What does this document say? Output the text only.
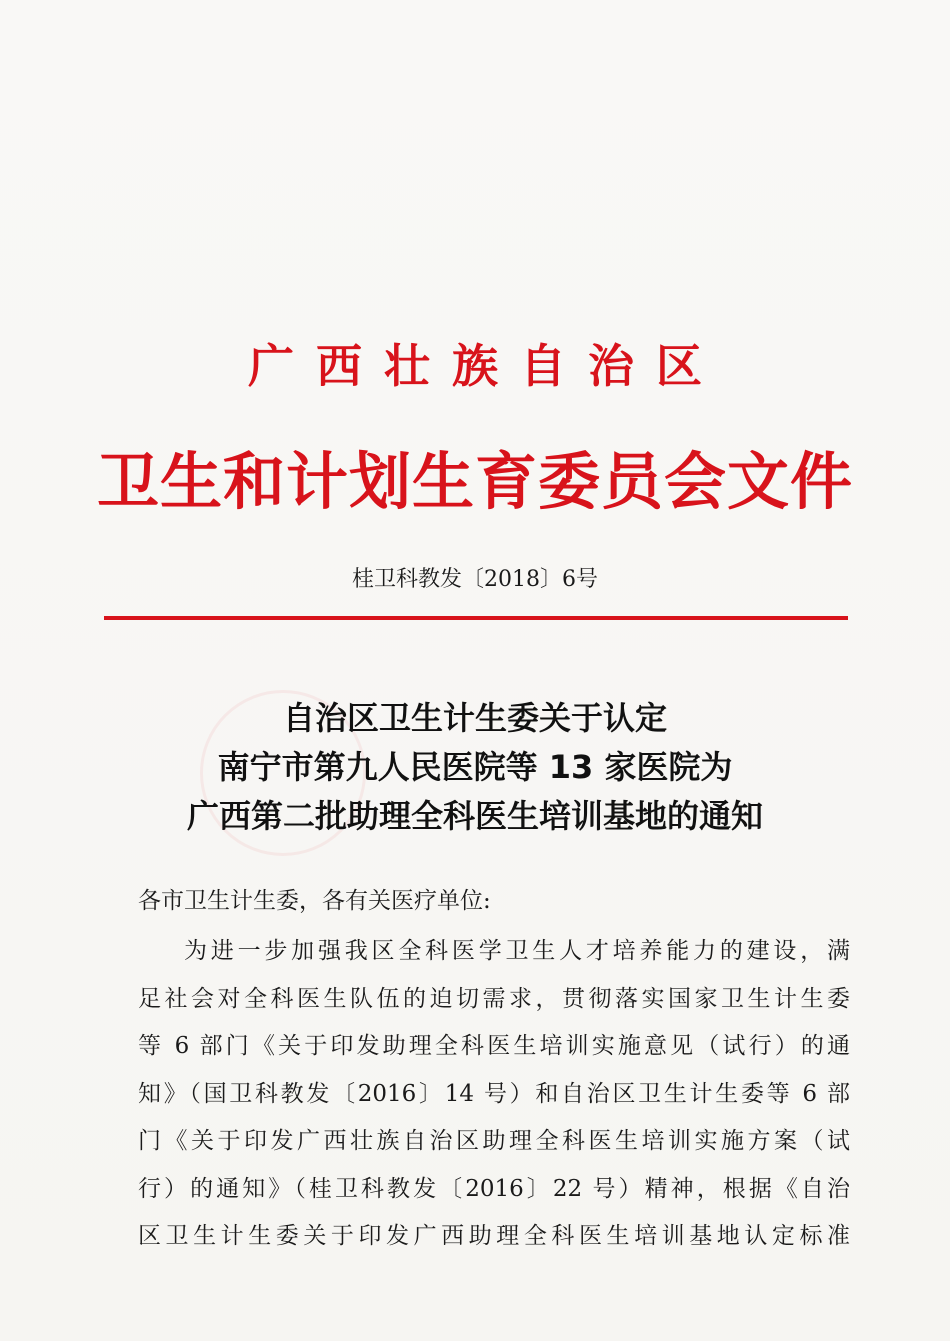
广西壮族自治区
卫生和计划生育委员会文件
桂卫科教发〔2018〕6号
自治区卫生计生委关于认定
南宁市第九人民医院等 13 家医院为
广西第二批助理全科医生培训基地的通知
各市卫生计生委，各有关医疗单位:
为进一步加强我区全科医学卫生人才培养能力的建设，满
足社会对全科医生队伍的迫切需求，贯彻落实国家卫生计生委
等 6 部门《关于印发助理全科医生培训实施意见（试行）的通
知》（国卫科教发〔2016〕14 号）和自治区卫生计生委等 6 部
门《关于印发广西壮族自治区助理全科医生培训实施方案（试
行）的通知》（桂卫科教发〔2016〕22 号）精神，根据《自治
区卫生计生委关于印发广西助理全科医生培训基地认定标准
